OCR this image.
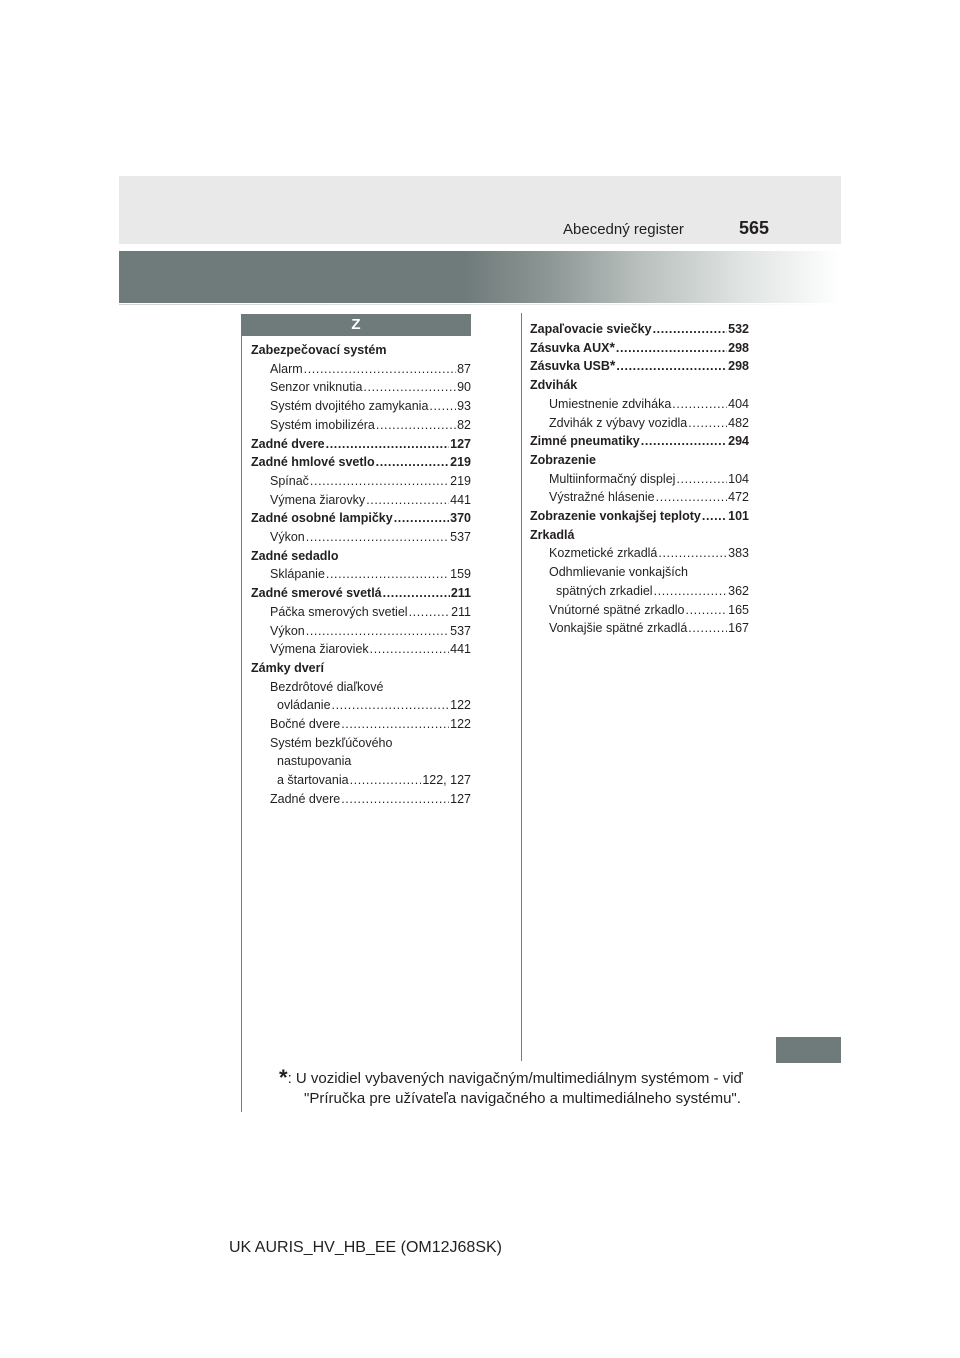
Abecedný register	565
Z
Zabezpečovací systém
Alarm .....	87
Senzor vniknutia .....	90
Systém dvojitého zamykania ..... 93
Systém imobilizéra .....	82
Zadné dvere .....	127
Zadné hmlové svetlo .....	219
Spínač .....	219
Výmena žiarovky .....	441
Zadné osobné lampičky .....	370
Výkon .....	537
Zadné sedadlo
Sklápanie .....	159
Zadné smerové svetlá .....	211
Páčka smerových svetiel .....	211
Výkon .....	537
Výmena žiaroviek .....	441
Zámky dverí
Bezdrôtové diaľkové
ovládanie .....	122
Bočné dvere .....	122
Systém bezkľúčového
nastupovania
a štartovania .....	122, 127
Zadné dvere .....	127
Zapaľovacie sviečky .....	532
Zásuvka AUX * .....	298
Zásuvka USB * .....	298
Zdvihák
Umiestnenie zdviháka .....	404
Zdvihák z výbavy vozidla .....	482
Zimné pneumatiky .....	294
Zobrazenie
Multiinformačný displej .....	104
Výstražné hlásenie .....	472
Zobrazenie vonkajšej teploty ..... 101
Zrkadlá
Kozmetické zrkadlá .....	383
Odhmlievanie vonkajších
spätných zrkadiel .....	362
Vnútorné spätné zrkadlo .....	165
Vonkajšie spätné zrkadlá .....	167
*: U vozidiel vybavených navigačným/multimediálnym systémom - viď
"Príručka pre užívateľa navigačného a multimediálneho systému".
UK AURIS_HV_HB_EE (OM12J68SK)
